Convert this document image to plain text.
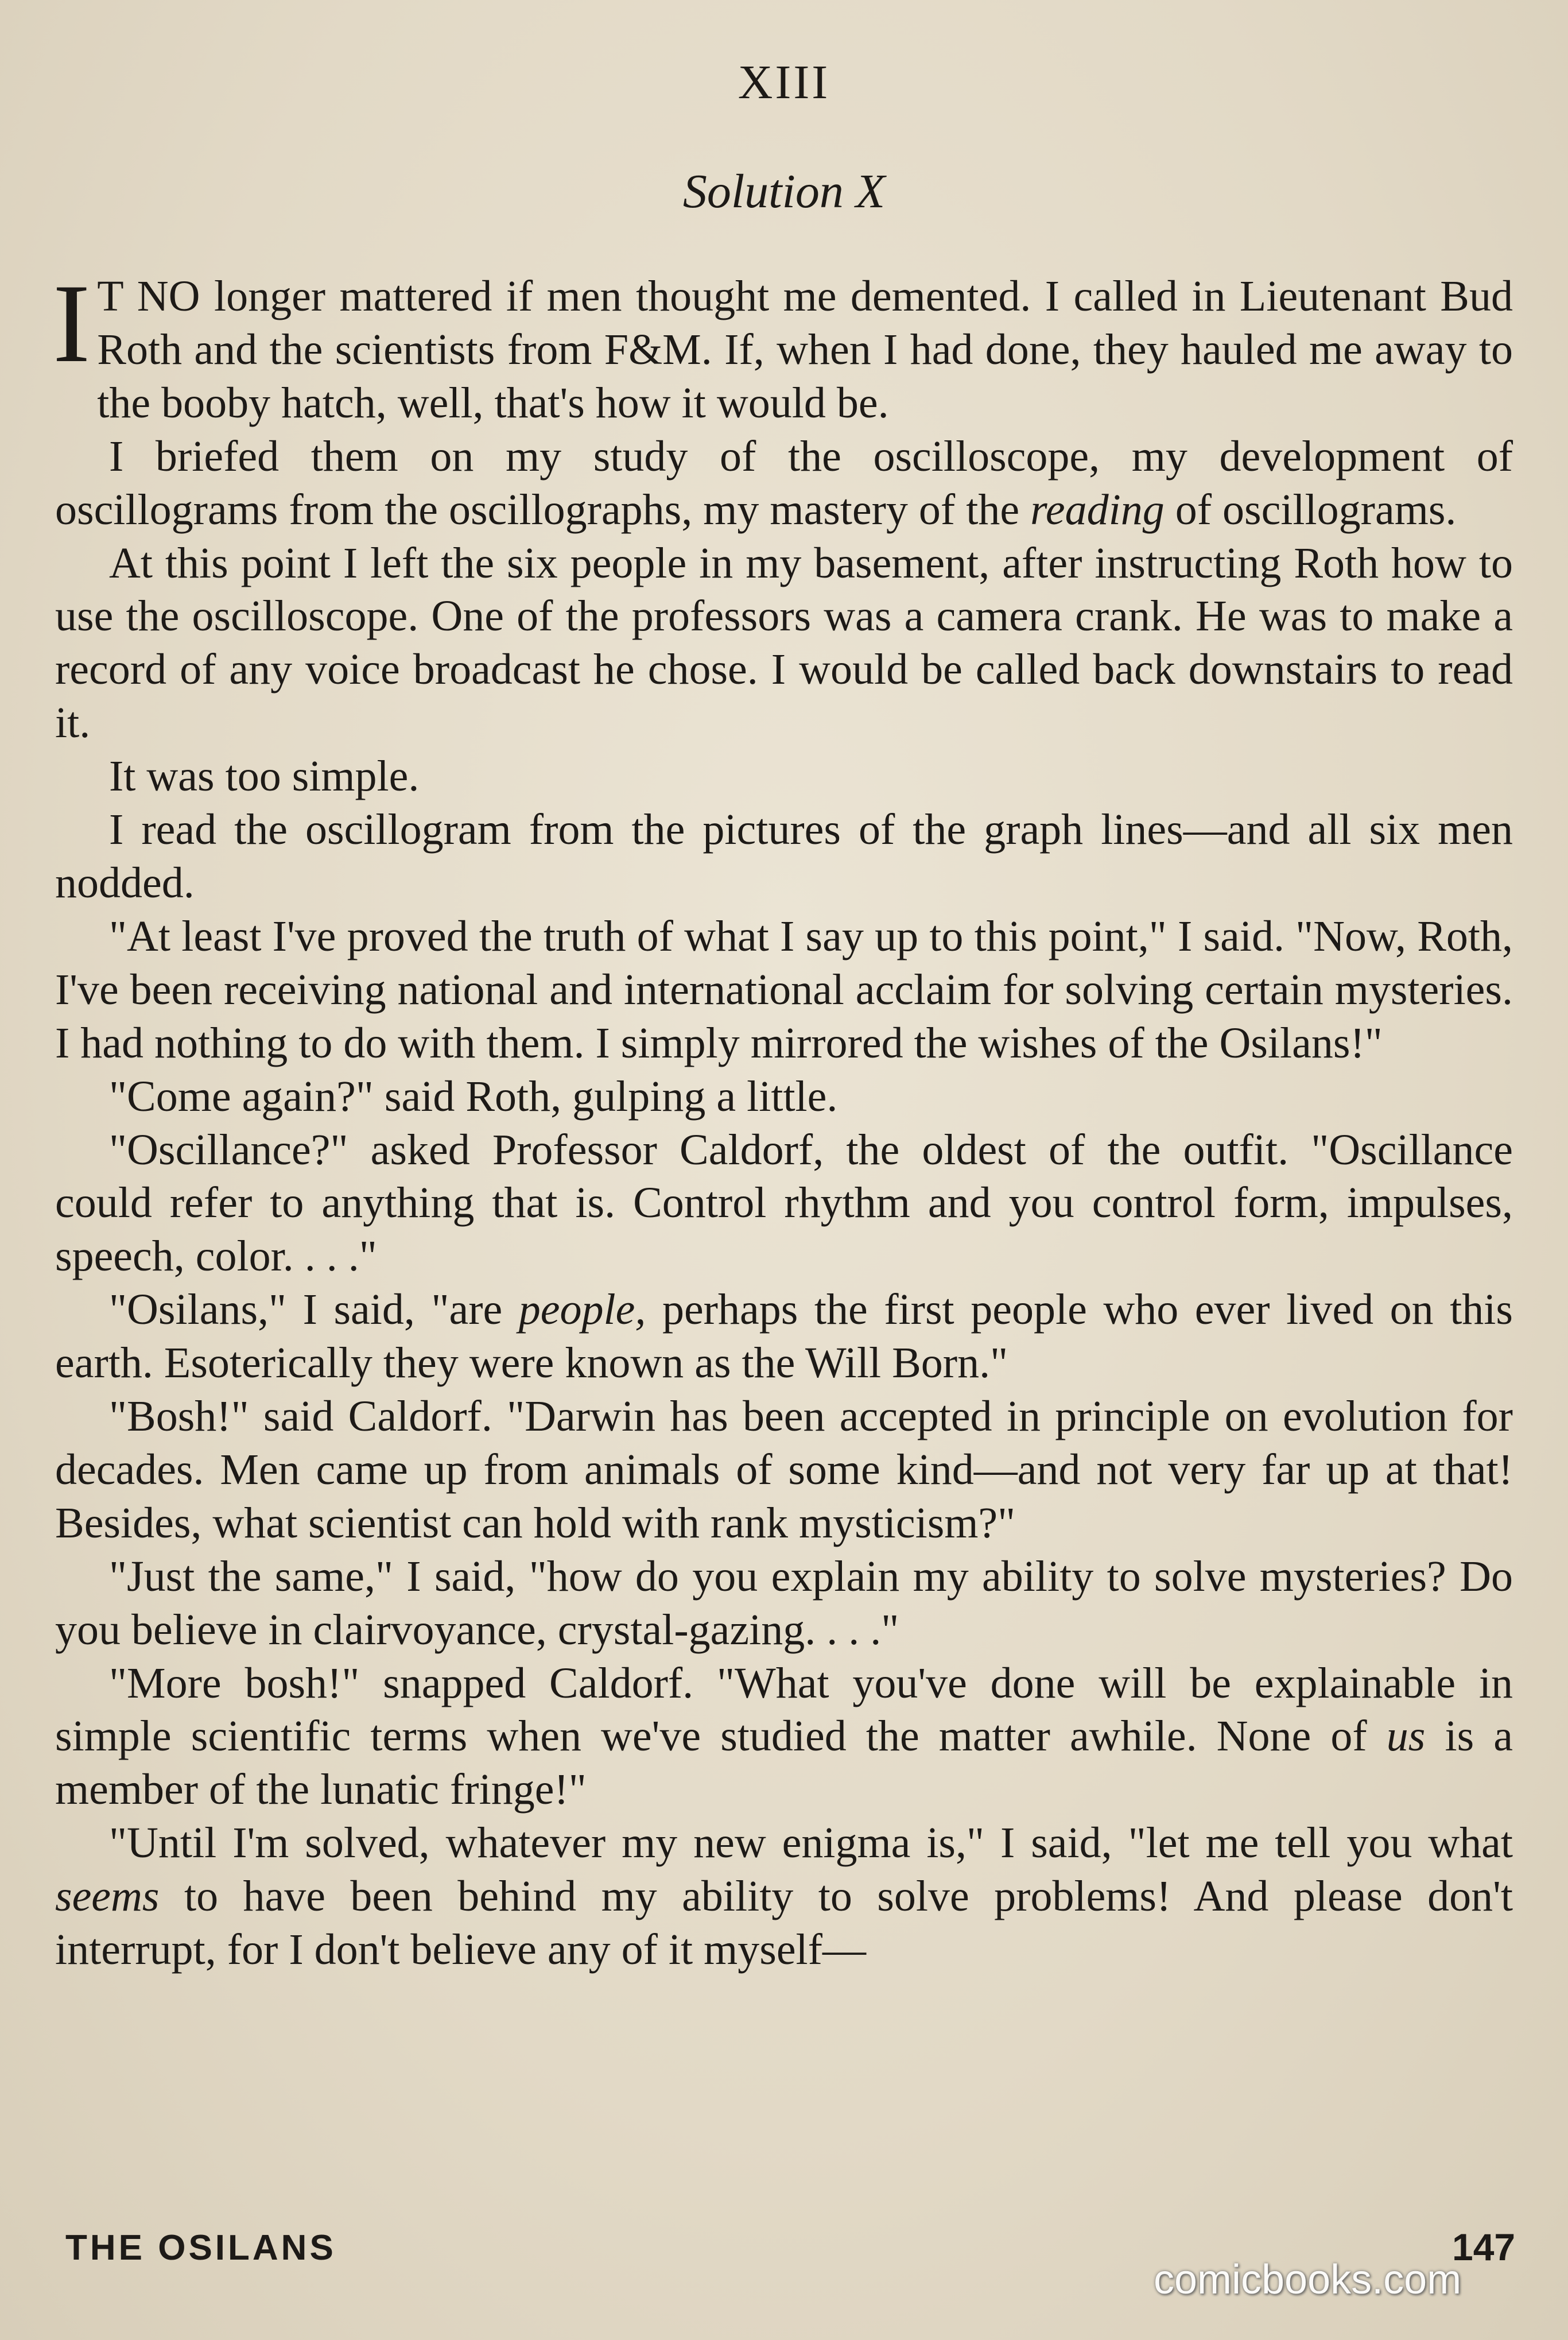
XIII
Solution X

I T NO longer mattered if men thought me demented. I called in Lieutenant Bud Roth and the scientists from F&M. If, when I had done, they hauled me away to the booby hatch, well, that's how it would be.

I briefed them on my study of the oscilloscope, my development of oscillograms from the oscillographs, my mastery of the reading of oscillograms.

At this point I left the six people in my basement, after instructing Roth how to use the oscilloscope. One of the professors was a camera crank. He was to make a record of any voice broadcast he chose. I would be called back downstairs to read it.

It was too simple.

I read the oscillogram from the pictures of the graph lines—and all six men nodded.

"At least I've proved the truth of what I say up to this point," I said. "Now, Roth, I've been receiving national and international acclaim for solving certain mysteries. I had nothing to do with them. I simply mirrored the wishes of the Osilans!"

"Come again?" said Roth, gulping a little.

"Oscillance?" asked Professor Caldorf, the oldest of the outfit. "Oscillance could refer to anything that is. Control rhythm and you control form, impulses, speech, color. . . ."

"Osilans," I said, "are people, perhaps the first people who ever lived on this earth. Esoterically they were known as the Will Born."

"Bosh!" said Caldorf. "Darwin has been accepted in principle on evolution for decades. Men came up from animals of some kind—and not very far up at that! Besides, what scientist can hold with rank mysticism?"

"Just the same," I said, "how do you explain my ability to solve mysteries? Do you believe in clairvoyance, crystal-gazing. . . ."

"More bosh!" snapped Caldorf. "What you've done will be explainable in simple scientific terms when we've studied the matter awhile. None of us is a member of the lunatic fringe!"

"Until I'm solved, whatever my new enigma is," I said, "let me tell you what seems to have been behind my ability to solve problems! And please don't interrupt, for I don't believe any of it myself—

THE OSILANS	147
comicbooks.com
